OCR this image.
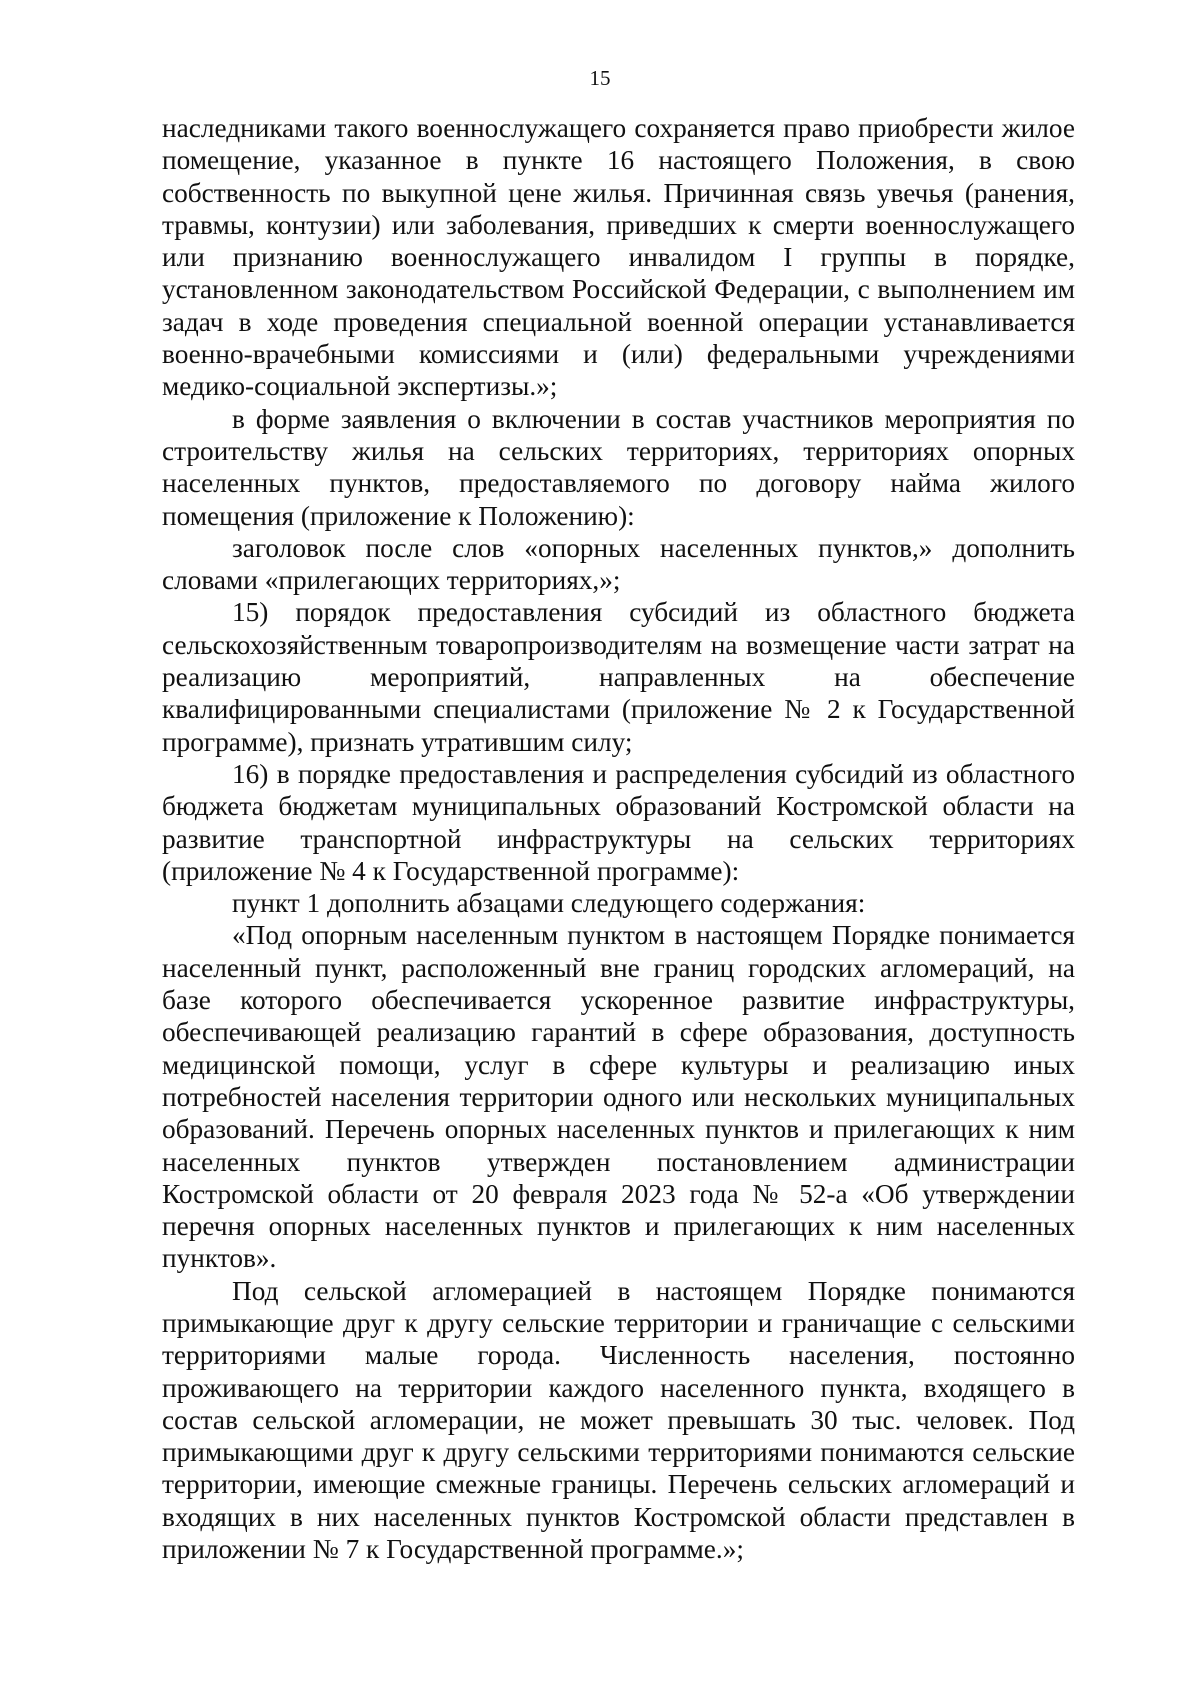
15

наследниками такого военнослужащего сохраняется право приобрести жилое помещение, указанное в пункте 16 настоящего Положения, в свою собственность по выкупной цене жилья. Причинная связь увечья (ранения, травмы, контузии) или заболевания, приведших к смерти военнослужащего или признанию военнослужащего инвалидом I группы в порядке, установленном законодательством Российской Федерации, с выполнением им задач в ходе проведения специальной военной операции устанавливается военно-врачебными комиссиями и (или) федеральными учреждениями медико-социальной экспертизы.»;

в форме заявления о включении в состав участников мероприятия по строительству жилья на сельских территориях, территориях опорных населенных пунктов, предоставляемого по договору найма жилого помещения (приложение к Положению):

заголовок после слов «опорных населенных пунктов,» дополнить словами «прилегающих территориях,»;

15) порядок предоставления субсидий из областного бюджета сельскохозяйственным товаропроизводителям на возмещение части затрат на реализацию мероприятий, направленных на обеспечение квалифицированными специалистами (приложение № 2 к Государственной программе), признать утратившим силу;

16) в порядке предоставления и распределения субсидий из областного бюджета бюджетам муниципальных образований Костромской области на развитие транспортной инфраструктуры на сельских территориях (приложение № 4 к Государственной программе):

пункт 1 дополнить абзацами следующего содержания:

«Под опорным населенным пунктом в настоящем Порядке понимается населенный пункт, расположенный вне границ городских агломераций, на базе которого обеспечивается ускоренное развитие инфраструктуры, обеспечивающей реализацию гарантий в сфере образования, доступность медицинской помощи, услуг в сфере культуры и реализацию иных потребностей населения территории одного или нескольких муниципальных образований. Перечень опорных населенных пунктов и прилегающих к ним населенных пунктов утвержден постановлением администрации Костромской области от 20 февраля 2023 года № 52-а «Об утверждении перечня опорных населенных пунктов и прилегающих к ним населенных пунктов».

Под сельской агломерацией в настоящем Порядке понимаются примыкающие друг к другу сельские территории и граничащие с сельскими территориями малые города. Численность населения, постоянно проживающего на территории каждого населенного пункта, входящего в состав сельской агломерации, не может превышать 30 тыс. человек. Под примыкающими друг к другу сельскими территориями понимаются сельские территории, имеющие смежные границы. Перечень сельских агломераций и входящих в них населенных пунктов Костромской области представлен в приложении № 7 к Государственной программе.»;
